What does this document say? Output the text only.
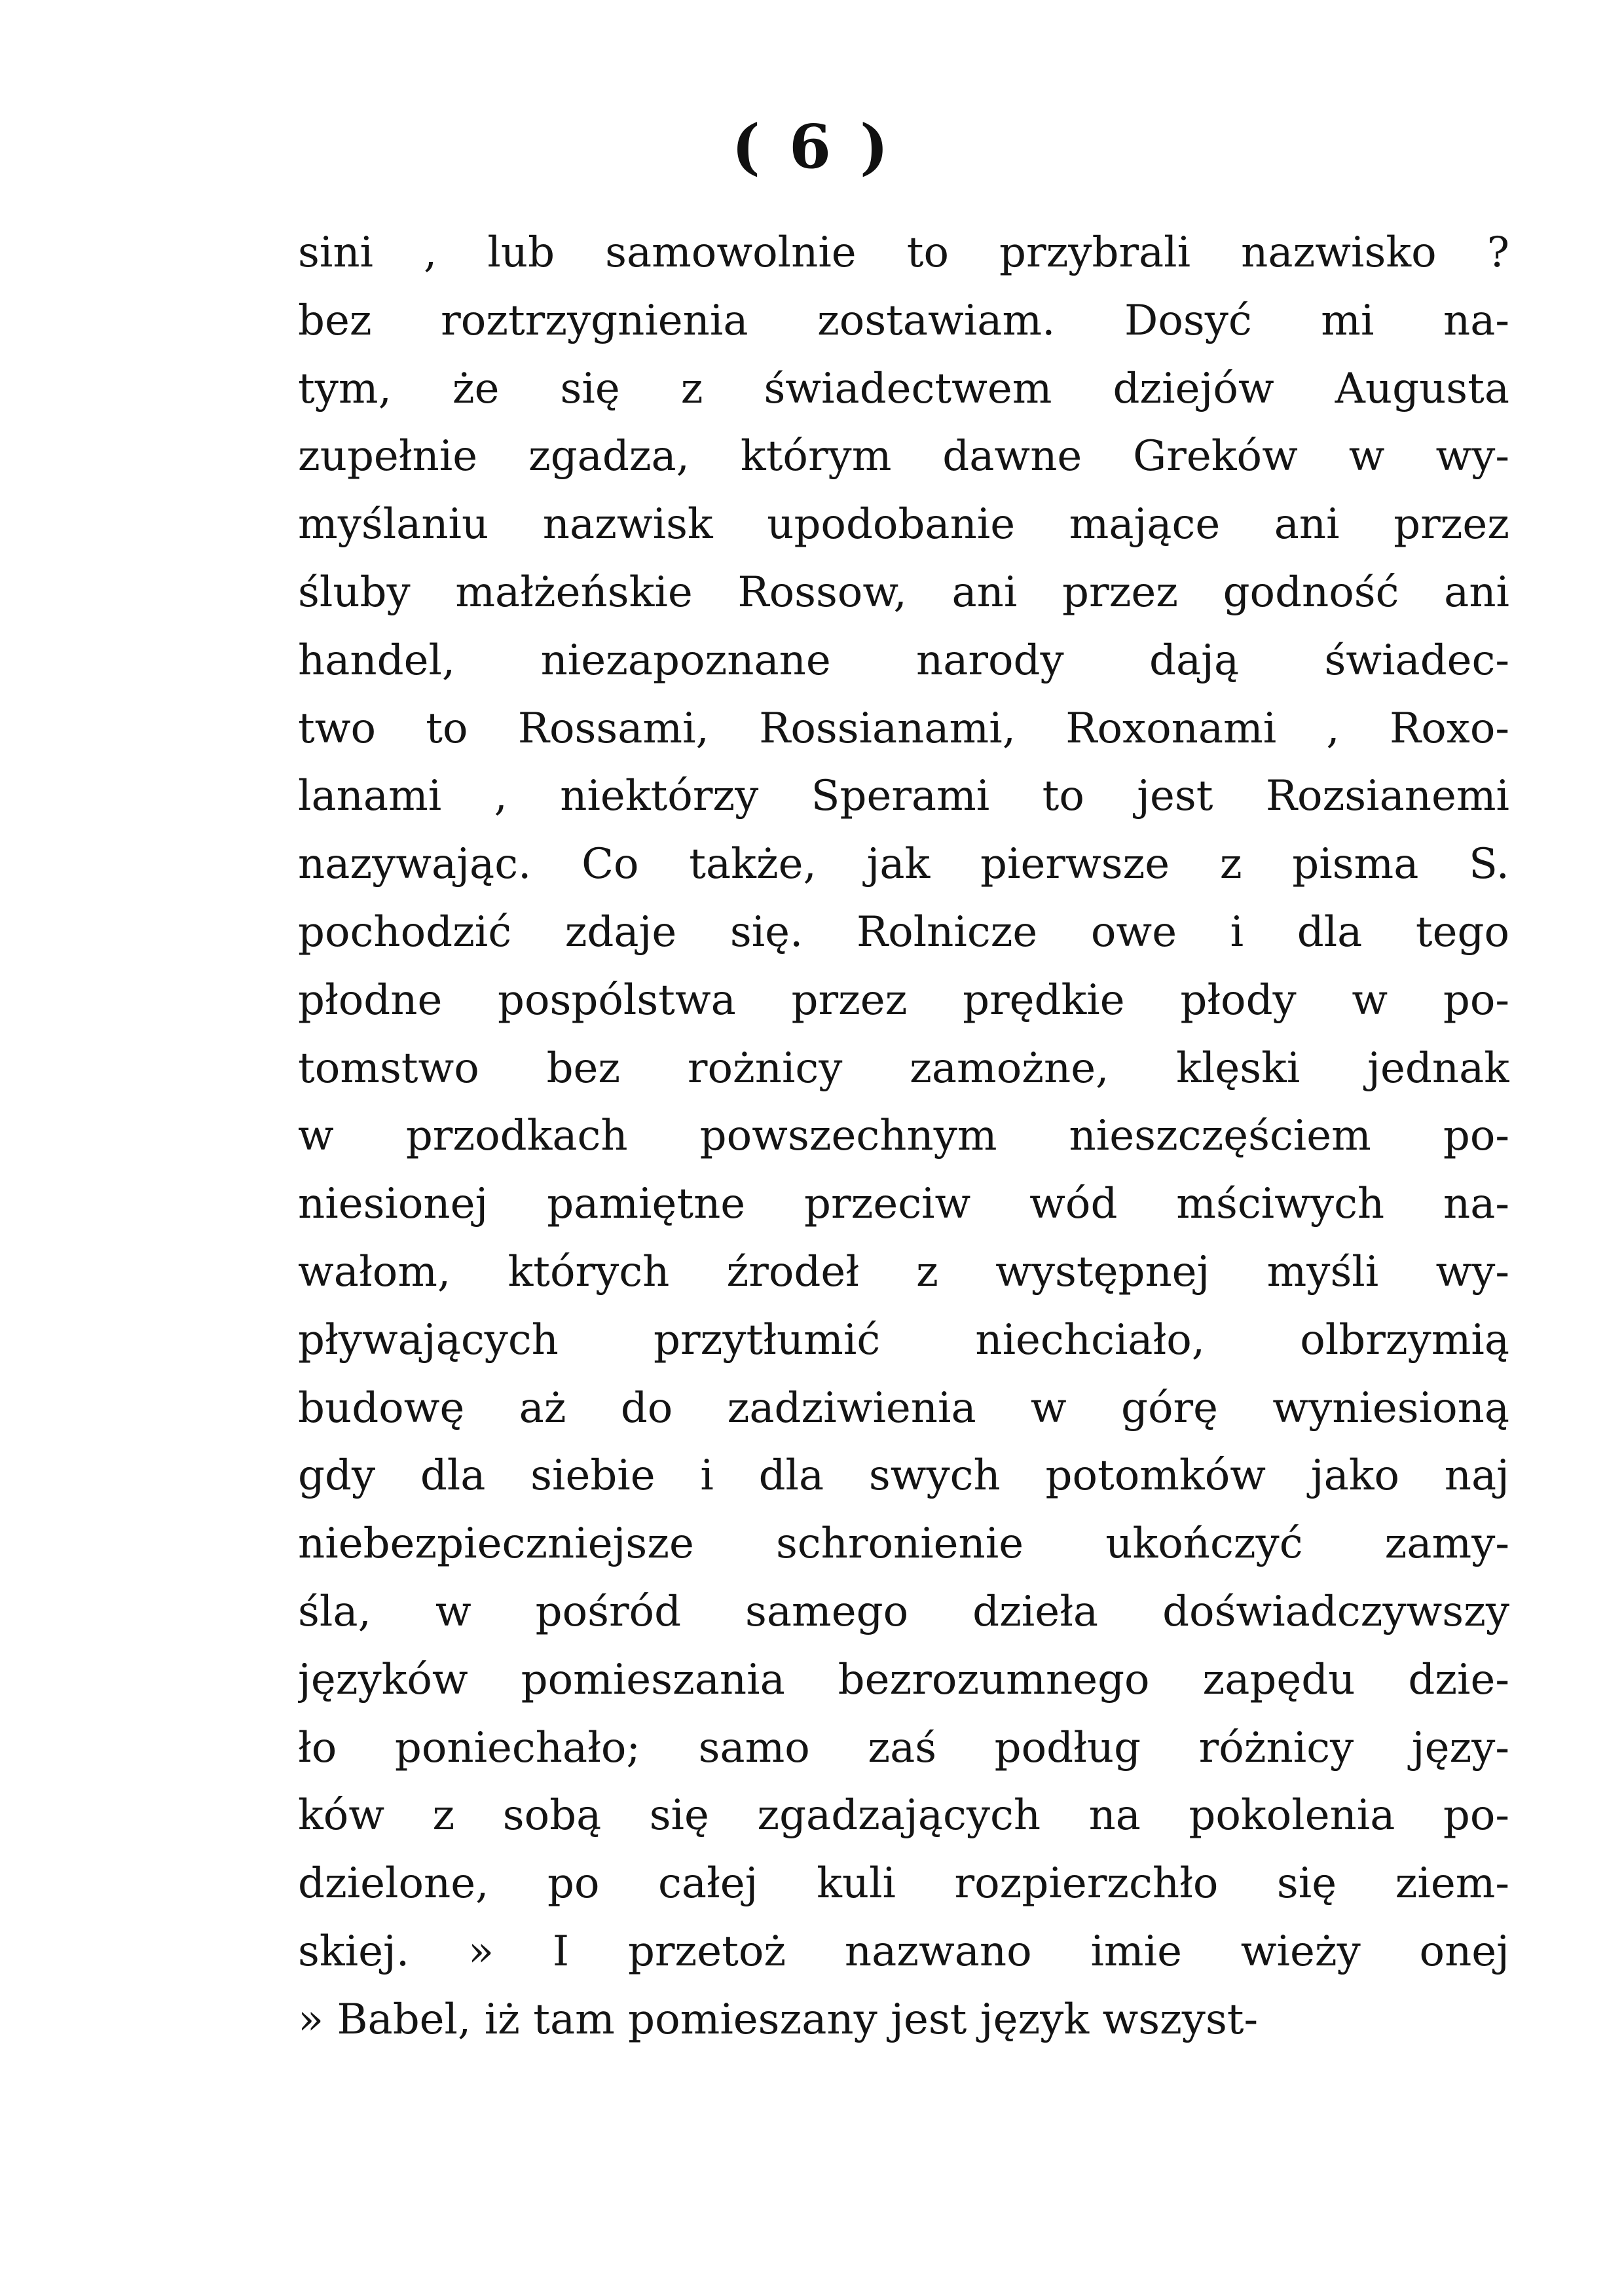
( 6 )
sini , lub samowolnie to przybrali nazwisko ?
bez roztrzygnienia zostawiam. Dosyć mi na-
tym, że się z świadectwem dziejów Augusta
zupełnie zgadza, którym dawne Greków w wy-
myślaniu nazwisk upodobanie mające ani przez
śluby małżeńskie Rossow, ani przez godność ani
handel, niezapoznane narody dają świadec-
two to Rossami, Rossianami, Roxonami , Roxo-
lanami , niektórzy Sperami to jest Rozsianemi
nazywając. Co także, jak pierwsze z pisma S.
pochodzić zdaje się. Rolnicze owe i dla tego
płodne pospólstwa przez prędkie płody w po-
tomstwo bez rożnicy zamożne, klęski jednak
w przodkach powszechnym nieszczęściem po-
niesionej pamiętne przeciw wód mściwych na-
wałom, których źrodeł z występnej myśli wy-
pływających przytłumić niechciało, olbrzymią
budowę aż do zadziwienia w górę wyniesioną
gdy dla siebie i dla swych potomków jako naj
niebezpieczniejsze schronienie ukończyć zamy-
śla, w pośród samego dzieła doświadczywszy
języków pomieszania bezrozumnego zapędu dzie-
ło poniechało; samo zaś podług różnicy języ-
ków z sobą się zgadzających na pokolenia po-
dzielone, po całej kuli rozpierzchło się ziem-
skiej. » I przetoż nazwano imie wieży onej
» Babel, iż tam pomieszany jest język wszyst-
